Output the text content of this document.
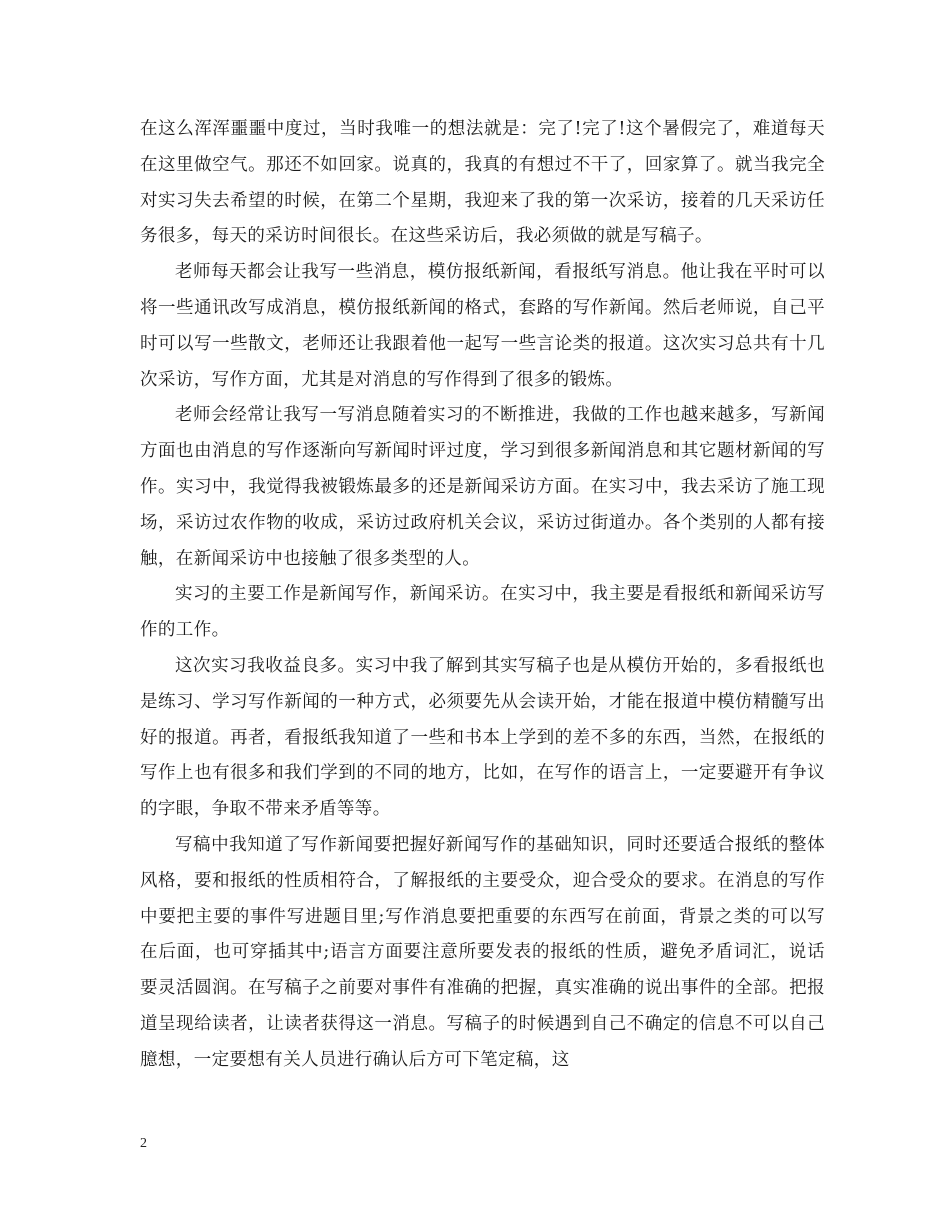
在这么浑浑噩噩中度过，当时我唯一的想法就是：完了!完了!这个暑假完了，难道每天在这里做空气。那还不如回家。说真的，我真的有想过不干了，回家算了。就当我完全对实习失去希望的时候，在第二个星期，我迎来了我的第一次采访，接着的几天采访任务很多，每天的采访时间很长。在这些采访后，我必须做的就是写稿子。

老师每天都会让我写一些消息，模仿报纸新闻，看报纸写消息。他让我在平时可以将一些通讯改写成消息，模仿报纸新闻的格式，套路的写作新闻。然后老师说，自己平时可以写一些散文，老师还让我跟着他一起写一些言论类的报道。这次实习总共有十几次采访，写作方面，尤其是对消息的写作得到了很多的锻炼。

老师会经常让我写一写消息随着实习的不断推进，我做的工作也越来越多，写新闻方面也由消息的写作逐渐向写新闻时评过度，学习到很多新闻消息和其它题材新闻的写作。实习中，我觉得我被锻炼最多的还是新闻采访方面。在实习中，我去采访了施工现场，采访过农作物的收成，采访过政府机关会议，采访过街道办。各个类别的人都有接触，在新闻采访中也接触了很多类型的人。

实习的主要工作是新闻写作，新闻采访。在实习中，我主要是看报纸和新闻采访写作的工作。

这次实习我收益良多。实习中我了解到其实写稿子也是从模仿开始的，多看报纸也是练习、学习写作新闻的一种方式，必须要先从会读开始，才能在报道中模仿精髓写出好的报道。再者，看报纸我知道了一些和书本上学到的差不多的东西，当然，在报纸的写作上也有很多和我们学到的不同的地方，比如，在写作的语言上，一定要避开有争议的字眼，争取不带来矛盾等等。

写稿中我知道了写作新闻要把握好新闻写作的基础知识，同时还要适合报纸的整体风格，要和报纸的性质相符合，了解报纸的主要受众，迎合受众的要求。在消息的写作中要把主要的事件写进题目里;写作消息要把重要的东西写在前面，背景之类的可以写在后面，也可穿插其中;语言方面要注意所要发表的报纸的性质，避免矛盾词汇，说话要灵活圆润。在写稿子之前要对事件有准确的把握，真实准确的说出事件的全部。把报道呈现给读者，让读者获得这一消息。写稿子的时候遇到自己不确定的信息不可以自己臆想，一定要想有关人员进行确认后方可下笔定稿，这

2
